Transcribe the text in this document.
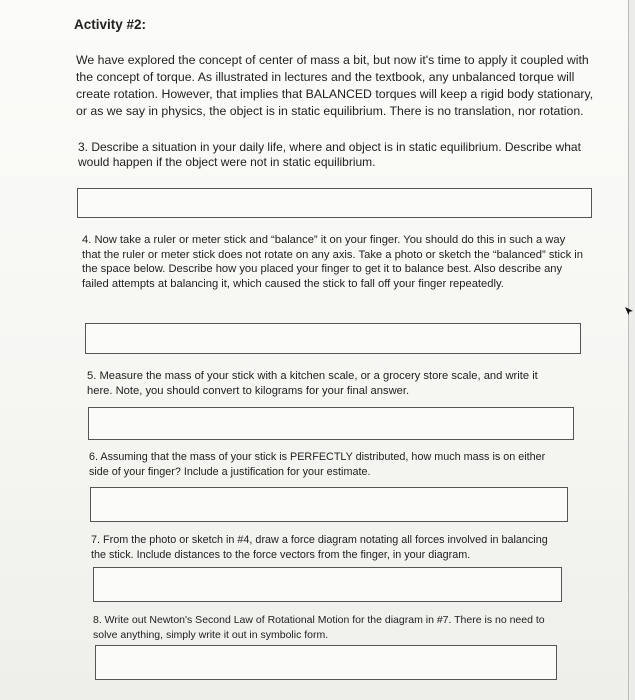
Activity #2:

We have explored the concept of center of mass a bit, but now it's time to apply it coupled with the concept of torque. As illustrated in lectures and the textbook, any unbalanced torque will create rotation. However, that implies that BALANCED torques will keep a rigid body stationary, or as we say in physics, the object is in static equilibrium. There is no translation, nor rotation.

3. Describe a situation in your daily life, where and object is in static equilibrium. Describe what would happen if the object were not in static equilibrium.

4. Now take a ruler or meter stick and “balance” it on your finger. You should do this in such a way that the ruler or meter stick does not rotate on any axis. Take a photo or sketch the “balanced” stick in the space below. Describe how you placed your finger to get it to balance best. Also describe any failed attempts at balancing it, which caused the stick to fall off your finger repeatedly.

5. Measure the mass of your stick with a kitchen scale, or a grocery store scale, and write it here. Note, you should convert to kilograms for your final answer.

6. Assuming that the mass of your stick is PERFECTLY distributed, how much mass is on either side of your finger? Include a justification for your estimate.

7. From the photo or sketch in #4, draw a force diagram notating all forces involved in balancing the stick. Include distances to the force vectors from the finger, in your diagram.

8. Write out Newton's Second Law of Rotational Motion for the diagram in #7. There is no need to solve anything, simply write it out in symbolic form.
